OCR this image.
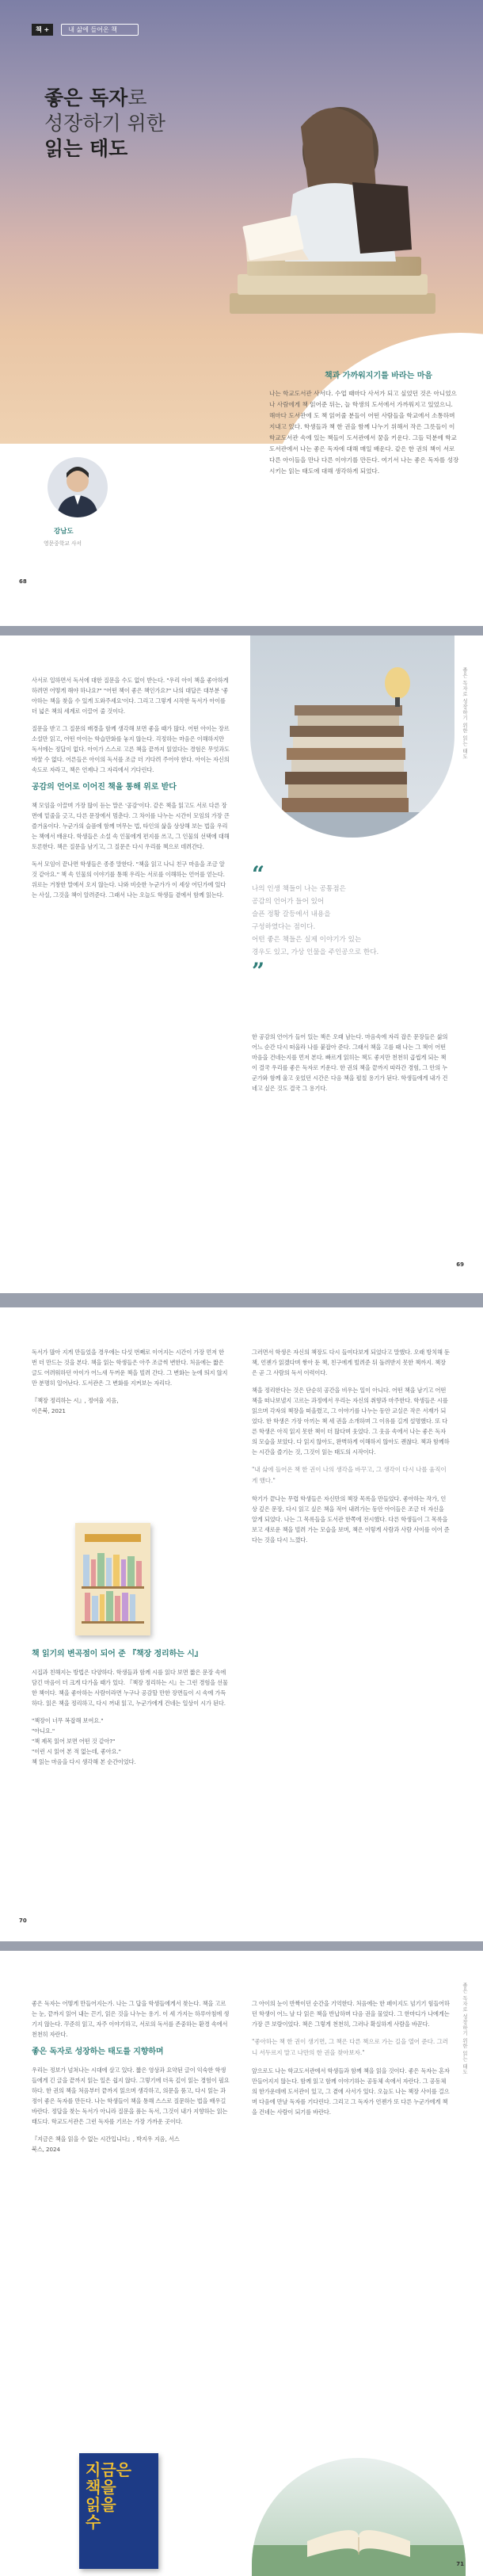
책 +	내 삶에 들어온 책
좋은 독자로
성장하기 위한
읽는 태도
책과 가까워지기를 바라는 마음
나는 학교도서관 사서다. 수업 때마다 사서가 되고 싶었던 것은 아니었으나 사람에게 책 읽어준 뒤는, 늘 학생의 도서에서 가까워지고 있었으니. 해마다 도서관에 도 책 읽어줄 분들이 어떤 사람들을 학교에서 소통하며 지내고 있다. 학생들과 책 한 권을 함께 나누기 위해서 작은 그릇들이 이 학교도서관 속에 있는 책들이 도서관에서 꿈을 키운다. 그들 덕분에 학교도서관에서 나는 좋은 독자에 대해 매일 배운다. 같은 한 권의 책이 서로 다른 아이들을 만나 다른 이야기를 만든다. 여기서 나는 좋은 독자를 성장시키는 읽는 태도에 대해 생각하게 되었다.
강남도
영문중학교 사서
68
좋은 독자로 성장하기 위한 읽는 태도

사서로 일하면서 독서에 대한 질문을 수도 없이 받는다. "우리 아이 책을 좋아하게 하려면 어떻게 해야 하나요?" "어떤 책이 좋은 책인가요?" 나의 대답은 대부분 '좋아하는 책을 찾을 수 있게 도와주세요'이다. 그리고 그렇게 시작한 독서가 아이를 더 넓은 책의 세계로 이끌어 줄 것이다.

질문을 받고 그 질문의 배경을 함께 생각해 보면 좋을 때가 많다. 어떤 아이는 장르 소설만 읽고, 어떤 아이는 학습만화를 놓지 않는다. 걱정하는 마음은 이해하지만 독서에는 정답이 없다. 아이가 스스로 고른 책을 끝까지 읽었다는 경험은 무엇과도 바꿀 수 없다. 어른들은 아이의 독서를 조금 더 기다려 주어야 한다. 아이는 자신의 속도로 자라고, 책은 언제나 그 자리에서 기다린다.

공감의 언어로 이어진 책을 통해 위로 받다

책 모임을 이끌며 가장 많이 듣는 말은 '공감'이다. 같은 책을 읽고도 서로 다른 장면에 밑줄을 긋고, 다른 문장에서 멈춘다. 그 차이를 나누는 시간이 모임의 가장 큰 즐거움이다. 누군가의 슬픔에 함께 머무는 법, 타인의 삶을 상상해 보는 법을 우리는 책에서 배운다. 학생들은 소설 속 인물에게 편지를 쓰고, 그 인물의 선택에 대해 토론한다. 책은 질문을 남기고, 그 질문은 다시 우리를 책으로 데려간다.

독서 모임이 끝나면 학생들은 종종 말한다. "책을 읽고 나니 친구 마음을 조금 알 것 같아요." 책 속 인물의 이야기를 통해 우리는 서로를 이해하는 언어를 얻는다. 위로는 거창한 말에서 오지 않는다. 나와 비슷한 누군가가 이 세상 어딘가에 있다는 사실, 그것을 책이 알려준다. 그래서 나는 오늘도 학생들 곁에서 함께 읽는다.

“
나의 인생 책들이 나는 공통점은
공감의 언어가 들어 있어
슬픈 정황 갈등에서 내용을
구성하였다는 점이다.
어떤 좋은 책들은 실제 이야기가 있는
경우도 있고, 가상 인물을 주인공으로 한다.
”

한 공감의 언어가 들어 있는 책은 오래 남는다. 마음속에 자리 잡은 문장들은 삶의 어느 순간 다시 떠올라 나를 붙잡아 준다. 그래서 책을 고를 때 나는 그 책이 어떤 마음을 건네는지를 먼저 본다. 빠르게 읽히는 책도 좋지만 천천히 곱씹게 되는 책이 결국 우리를 좋은 독자로 키운다. 한 권의 책을 끝까지 따라간 경험, 그 안의 누군가와 함께 울고 웃었던 시간은 다음 책을 펼칠 용기가 된다. 학생들에게 내가 건네고 싶은 것도 결국 그 용기다.

69

독서가 많아 지게 만들었을 경우에는 다섯 번째로 이어지는 시간이 가장 먼저 한 번 더 만드는 것을 본다. 책을 읽는 학생들은 아주 조금씩 변한다. 처음에는 짧은 글도 어려워하던 아이가 어느새 두꺼운 책을 빌려 간다. 그 변화는 눈에 띄지 않지만 분명히 일어난다. 도서관은 그 변화를 지켜보는 자리다.

『책장 정리하는 시』, 정여울 지음,
이은북, 2021
책 읽기의 변곡점이 되어 준 『책장 정리하는 시』

시집과 친해지는 방법은 다양하다. 학생들과 함께 시를 읽다 보면 짧은 문장 속에 담긴 마음이 더 크게 다가올 때가 있다. 『책장 정리하는 시』는 그런 경험을 선물한 책이다. 책을 좋아하는 사람이라면 누구나 공감할 만한 장면들이 시 속에 가득하다. 읽은 책을 정리하고, 다시 꺼내 읽고, 누군가에게 건네는 일상이 시가 된다.

"책장이 너무 복잡해 보여요."
"아니요."
"책 제목 읽어 보면 어떤 것 같아?"
"이런 시 읽어 본 적 없는데, 좋아요."
책 읽는 마음을 다시 생각해 본 순간이었다.

그러면서 학생은 자신의 책장도 다시 들여다보게 되었다고 말했다. 오래 방치해 둔 책, 언젠가 읽겠다며 쌓아 둔 책, 친구에게 빌려준 뒤 돌려받지 못한 책까지. 책장은 곧 그 사람의 독서 이력이다.

책을 정리한다는 것은 단순히 공간을 비우는 일이 아니다. 어떤 책을 남기고 어떤 책을 떠나보낼지 고르는 과정에서 우리는 자신의 취향과 마주한다. 학생들은 시를 읽으며 각자의 책장을 떠올렸고, 그 이야기를 나누는 동안 교실은 작은 서재가 되었다. 한 학생은 가장 아끼는 책 세 권을 소개하며 그 이유를 길게 설명했다. 또 다른 학생은 아직 읽지 못한 책이 더 많다며 웃었다. 그 웃음 속에서 나는 좋은 독자의 모습을 보았다. 다 읽지 않아도, 완벽하게 이해하지 않아도 괜찮다. 책과 함께하는 시간을 즐기는 것, 그것이 읽는 태도의 시작이다.

"내 삶에 들어온 책 한 권이 나의 생각을 바꾸고, 그 생각이 다시 나를 움직이게 했다."

학기가 끝나는 무렵 학생들은 자신만의 책장 목록을 만들었다. 좋아하는 작가, 인상 깊은 문장, 다시 읽고 싶은 책을 적어 내려가는 동안 아이들은 조금 더 자신을 알게 되었다. 나는 그 목록들을 도서관 한쪽에 전시했다. 다른 학생들이 그 목록을 보고 새로운 책을 빌려 가는 모습을 보며, 책은 이렇게 사람과 사람 사이를 이어 준다는 것을 다시 느꼈다.

70
좋은 독자로 성장하기 위한 읽는 태도

좋은 독자는 어떻게 만들어지는가. 나는 그 답을 학생들에게서 찾는다. 책을 고르는 눈, 끝까지 읽어 내는 끈기, 읽은 것을 나누는 용기. 이 세 가지는 하루아침에 생기지 않는다. 꾸준히 읽고, 자주 이야기하고, 서로의 독서를 존중하는 환경 속에서 천천히 자란다.

좋은 독자로 성장하는 태도를 지향하며

우리는 정보가 넘쳐나는 시대에 살고 있다. 짧은 영상과 요약된 글이 익숙한 학생들에게 긴 글을 끝까지 읽는 일은 쉽지 않다. 그렇기에 더욱 깊이 읽는 경험이 필요하다. 한 권의 책을 처음부터 끝까지 읽으며 생각하고, 의문을 품고, 다시 읽는 과정이 좋은 독자를 만든다. 나는 학생들이 책을 통해 스스로 질문하는 법을 배우길 바란다. 정답을 찾는 독서가 아니라 질문을 품는 독서, 그것이 내가 지향하는 읽는 태도다. 학교도서관은 그런 독자를 기르는 가장 가까운 곳이다.

『지금은 책을 읽을 수 없는 시간입니다』, 박지우 지음, 서스
북스, 2024
지금은
책을
읽을
수

그 아이의 눈이 반짝이던 순간을 기억한다. 처음에는 한 페이지도 넘기기 힘들어하던 학생이 어느 날 다 읽은 책을 반납하며 다음 권을 물었다. 그 한마디가 나에게는 가장 큰 보람이었다. 책은 그렇게 천천히, 그러나 확실하게 사람을 바꾼다.

"좋아하는 책 한 권이 생기면, 그 책은 다른 책으로 가는 길을 열어 준다. 그러니 서두르지 말고 나만의 한 권을 찾아보자."

앞으로도 나는 학교도서관에서 학생들과 함께 책을 읽을 것이다. 좋은 독자는 혼자 만들어지지 않는다. 함께 읽고 함께 이야기하는 공동체 속에서 자란다. 그 공동체의 한가운데에 도서관이 있고, 그 곁에 사서가 있다. 오늘도 나는 책장 사이를 걸으며 다음에 만날 독자를 기다린다. 그리고 그 독자가 언젠가 또 다른 누군가에게 책을 건네는 사람이 되기를 바란다.

71
